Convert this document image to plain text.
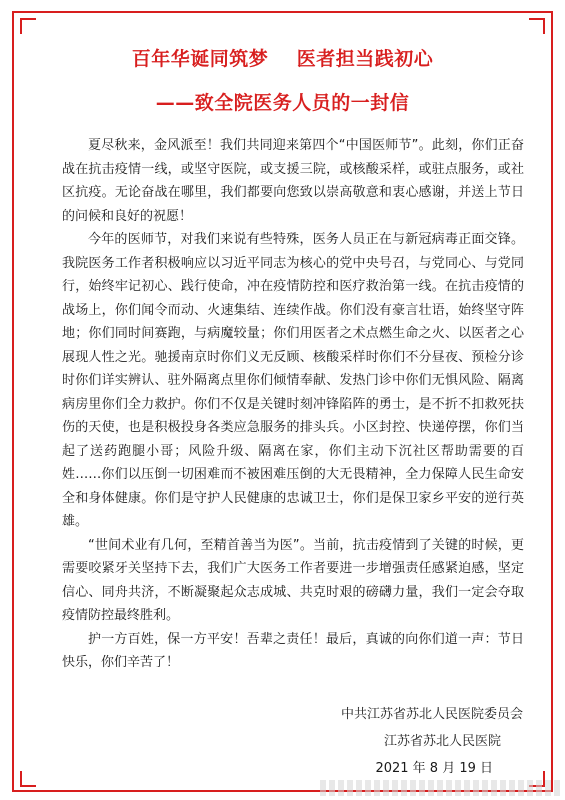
百年华诞同筑梦    医者担当践初心
——致全院医务人员的一封信

夏尽秋来，金风派至！我们共同迎来第四个“中国医师节”。此刻，你们正奋战在抗击疫情一线，或坚守医院，或支援三院，或核酸采样，或驻点服务，或社区抗疫。无论奋战在哪里，我们都要向您致以崇高敬意和衷心感谢，并送上节日的问候和良好的祝愿！

今年的医师节，对我们来说有些特殊，医务人员正在与新冠病毒正面交锋。我院医务工作者积极响应以习近平同志为核心的党中央号召，与党同心、与党同行，始终牢记初心、践行使命，冲在疫情防控和医疗救治第一线。在抗击疫情的战场上，你们闻令而动、火速集结、连续作战。你们没有豪言壮语，始终坚守阵地；你们同时间赛跑，与病魔较量；你们用医者之术点燃生命之火、以医者之心展现人性之光。驰援南京时你们义无反顾、核酸采样时你们不分昼夜、预检分诊时你们详实辨认、驻外隔离点里你们倾情奉献、发热门诊中你们无惧风险、隔离病房里你们全力救护。你们不仅是关键时刻冲锋陷阵的勇士，是不折不扣救死扶伤的天使，也是积极投身各类应急服务的排头兵。小区封控、快递停摆，你们当起了送药跑腿小哥；风险升级、隔离在家，你们主动下沉社区帮助需要的百姓……你们以压倒一切困难而不被困难压倒的大无畏精神，全力保障人民生命安全和身体健康。你们是守护人民健康的忠诚卫士，你们是保卫家乡平安的逆行英雄。

“世间术业有几何，至精首善当为医”。当前，抗击疫情到了关键的时候，更需要咬紧牙关坚持下去，我们广大医务工作者要进一步增强责任感紧迫感，坚定信心、同舟共济，不断凝聚起众志成城、共克时艰的磅礴力量，我们一定会夺取疫情防控最终胜利。

护一方百姓，保一方平安！吾辈之责任！最后，真诚的向你们道一声：节日快乐，你们辛苦了！

中共江苏省苏北人民医院委员会
江苏省苏北人民医院
2021 年 8 月 19 日
